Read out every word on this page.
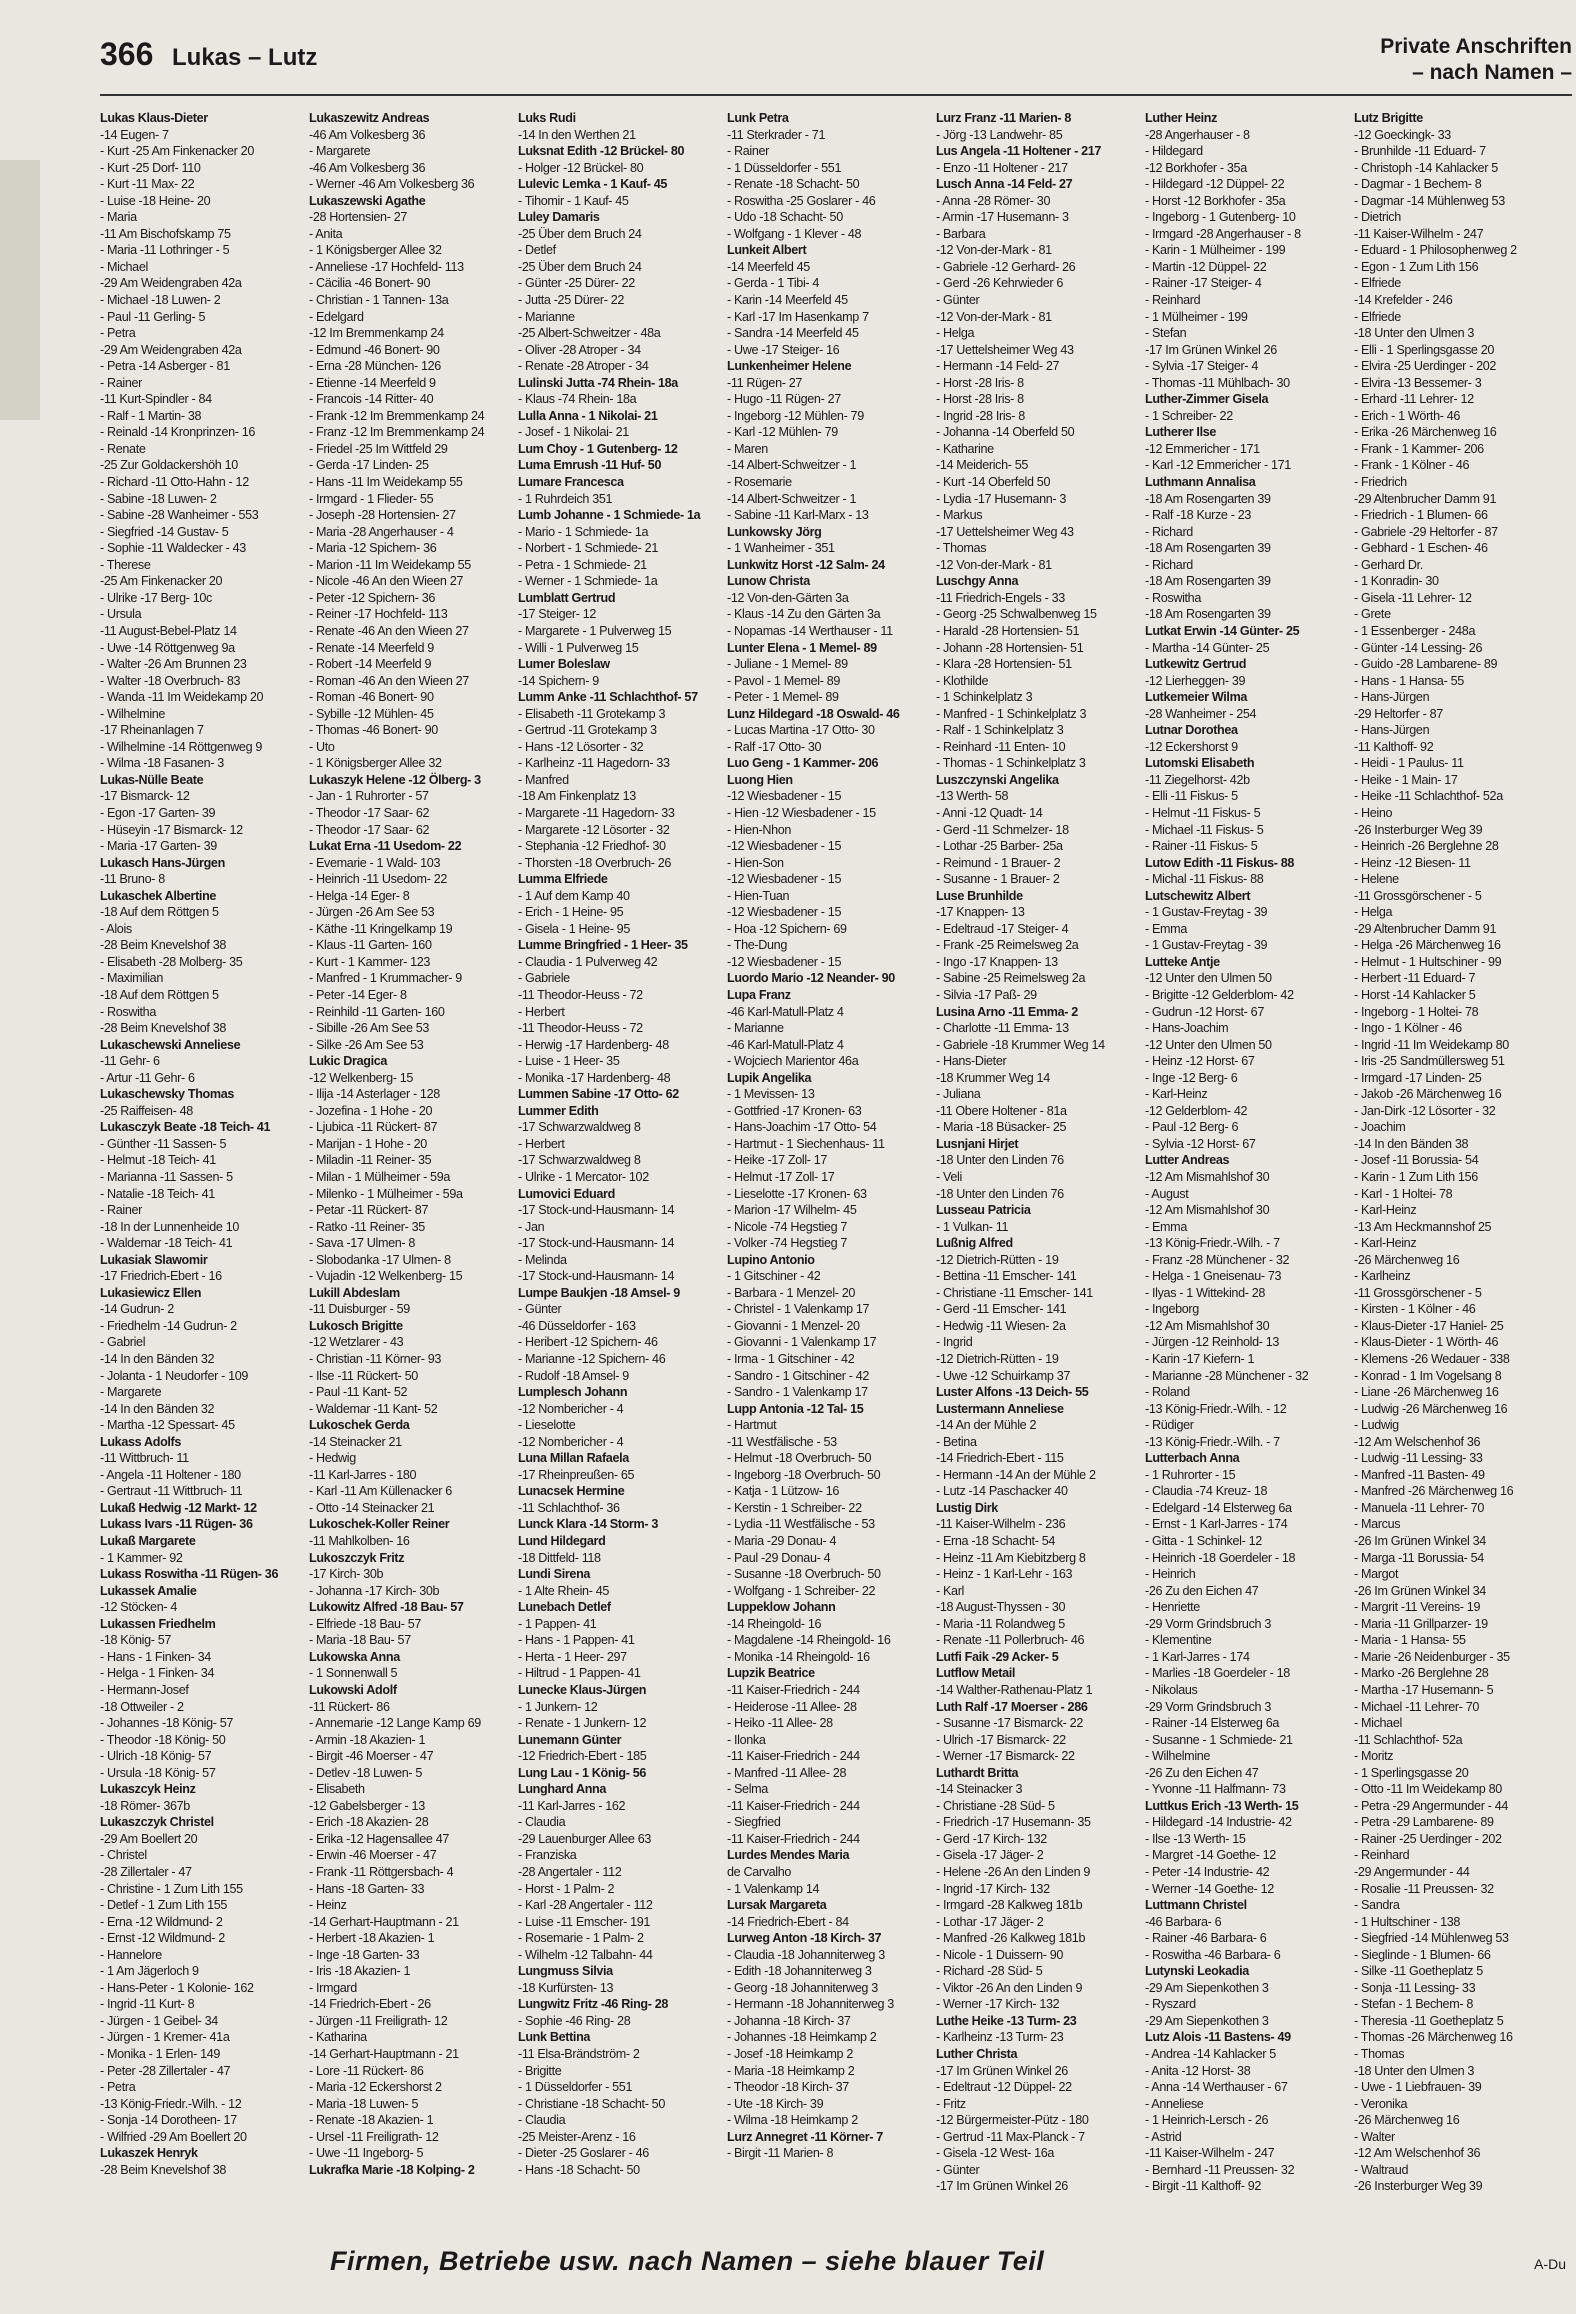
366 Lukas – Lutz	Private Anschriften
– nach Namen –
Lukas Klaus-Dieter
-14 Eugen- 7
- Kurt -25 Am Finkenacker 20
- Kurt -25 Dorf- 110
- Kurt -11 Max- 22
- Luise -18 Heine- 20
- Maria
-11 Am Bischofskamp 75
- Maria -11 Lothringer - 5
- Michael
-29 Am Weidengraben 42a
- Michael -18 Luwen- 2
- Paul -11 Gerling- 5
- Petra
-29 Am Weidengraben 42a
- Petra -14 Asberger - 81
- Rainer
-11 Kurt-Spindler - 84
- Ralf - 1 Martin- 38
- Reinald -14 Kronprinzen- 16
- Renate
-25 Zur Goldackershöh 10
- Richard -11 Otto-Hahn - 12
- Sabine -18 Luwen- 2
- Sabine -28 Wanheimer - 553
- Siegfried -14 Gustav- 5
- Sophie -11 Waldecker - 43
- Therese
-25 Am Finkenacker 20
- Ulrike -17 Berg- 10c
- Ursula
-11 August-Bebel-Platz 14
- Uwe -14 Röttgenweg 9a
- Walter -26 Am Brunnen 23
- Walter -18 Overbruch- 83
- Wanda -11 Im Weidekamp 20
- Wilhelmine
-17 Rheinanlagen 7
- Wilhelmine -14 Röttgenweg 9
- Wilma -18 Fasanen- 3
Lukas-Nülle Beate
-17 Bismarck- 12
- Egon -17 Garten- 39
- Hüseyin -17 Bismarck- 12
- Maria -17 Garten- 39
Lukasch Hans-Jürgen
-11 Bruno- 8
Lukaschek Albertine
-18 Auf dem Röttgen 5
- Alois
-28 Beim Knevelshof 38
- Elisabeth -28 Molberg- 35
- Maximilian
-18 Auf dem Röttgen 5
- Roswitha
-28 Beim Knevelshof 38
Lukaschewski Anneliese
-11 Gehr- 6
- Artur -11 Gehr- 6
Lukaschewsky Thomas
-25 Raiffeisen- 48
Lukasczyk Beate -18 Teich- 41
- Günther -11 Sassen- 5
- Helmut -18 Teich- 41
- Marianna -11 Sassen- 5
- Natalie -18 Teich- 41
- Rainer
-18 In der Lunnenheide 10
- Waldemar -18 Teich- 41
Lukasiak Slawomir
-17 Friedrich-Ebert - 16
Lukasiewicz Ellen
-14 Gudrun- 2
- Friedhelm -14 Gudrun- 2
- Gabriel
-14 In den Bänden 32
- Jolanta - 1 Neudorfer - 109
- Margarete
-14 In den Bänden 32
- Martha -12 Spessart- 45
Lukass Adolfs
-11 Wittbruch- 11
- Angela -11 Holtener - 180
- Gertraut -11 Wittbruch- 11
Lukaß Hedwig -12 Markt- 12
Lukass Ivars -11 Rügen- 36
Lukaß Margarete
- 1 Kammer- 92
Lukass Roswitha -11 Rügen- 36
Lukassek Amalie
-12 Stöcken- 4
Lukassen Friedhelm
-18 König- 57
- Hans - 1 Finken- 34
- Helga - 1 Finken- 34
- Hermann-Josef
-18 Ottweiler - 2
- Johannes -18 König- 57
- Theodor -18 König- 50
- Ulrich -18 König- 57
- Ursula -18 König- 57
Lukaszcyk Heinz
-18 Römer- 367b
Lukaszczyk Christel
-29 Am Boellert 20
- Christel
-28 Zillertaler - 47
- Christine - 1 Zum Lith 155
- Detlef - 1 Zum Lith 155
- Erna -12 Wildmund- 2
- Ernst -12 Wildmund- 2
- Hannelore
- 1 Am Jägerloch 9
- Hans-Peter - 1 Kolonie- 162
- Ingrid -11 Kurt- 8
- Jürgen - 1 Geibel- 34
- Jürgen - 1 Kremer- 41a
- Monika - 1 Erlen- 149
- Peter -28 Zillertaler - 47
- Petra
-13 König-Friedr.-Wilh. - 12
- Sonja -14 Dorotheen- 17
- Wilfried -29 Am Boellert 20
Lukaszek Henryk
-28 Beim Knevelshof 38
Lukaszewitz Andreas
-46 Am Volkesberg 36
- Margarete
-46 Am Volkesberg 36
- Werner -46 Am Volkesberg 36
Lukaszewski Agathe
-28 Hortensien- 27
- Anita
- 1 Königsberger Allee 32
- Anneliese -17 Hochfeld- 113
- Cäcilia -46 Bonert- 90
- Christian - 1 Tannen- 13a
- Edelgard
-12 Im Bremmenkamp 24
- Edmund -46 Bonert- 90
- Erna -28 München- 126
- Etienne -14 Meerfeld 9
- Francois -14 Ritter- 40
- Frank -12 Im Bremmenkamp 24
- Franz -12 Im Bremmenkamp 24
- Friedel -25 Im Wittfeld 29
- Gerda -17 Linden- 25
- Hans -11 Im Weidekamp 55
- Irmgard - 1 Flieder- 55
- Joseph -28 Hortensien- 27
- Maria -28 Angerhauser - 4
- Maria -12 Spichern- 36
- Marion -11 Im Weidekamp 55
- Nicole -46 An den Wieen 27
- Peter -12 Spichern- 36
- Reiner -17 Hochfeld- 113
- Renate -46 An den Wieen 27
- Renate -14 Meerfeld 9
- Robert -14 Meerfeld 9
- Roman -46 An den Wieen 27
- Roman -46 Bonert- 90
- Sybille -12 Mühlen- 45
- Thomas -46 Bonert- 90
- Uto
- 1 Königsberger Allee 32
Lukaszyk Helene -12 Ölberg- 3
- Jan - 1 Ruhrorter - 57
- Theodor -17 Saar- 62
- Theodor -17 Saar- 62
Lukat Erna -11 Usedom- 22
- Evemarie - 1 Wald- 103
- Heinrich -11 Usedom- 22
- Helga -14 Eger- 8
- Jürgen -26 Am See 53
- Käthe -11 Kringelkamp 19
- Klaus -11 Garten- 160
- Kurt - 1 Kammer- 123
- Manfred - 1 Krummacher- 9
- Peter -14 Eger- 8
- Reinhild -11 Garten- 160
- Sibille -26 Am See 53
- Silke -26 Am See 53
Lukic Dragica
-12 Welkenberg- 15
- Ilija -14 Asterlager - 128
- Jozefina - 1 Hohe - 20
- Ljubica -11 Rückert- 87
- Marijan - 1 Hohe - 20
- Miladin -11 Reiner- 35
- Milan - 1 Mülheimer - 59a
- Milenko - 1 Mülheimer - 59a
- Petar -11 Rückert- 87
- Ratko -11 Reiner- 35
- Sava -17 Ulmen- 8
- Slobodanka -17 Ulmen- 8
- Vujadin -12 Welkenberg- 15
Lukill Abdeslam
-11 Duisburger - 59
Lukosch Brigitte
-12 Wetzlarer - 43
- Christian -11 Körner- 93
- Ilse -11 Rückert- 50
- Paul -11 Kant- 52
- Waldemar -11 Kant- 52
Lukoschek Gerda
-14 Steinacker 21
- Hedwig
-11 Karl-Jarres - 180
- Karl -11 Am Küllenacker 6
- Otto -14 Steinacker 21
Lukoschek-Koller Reiner
-11 Mahlkolben- 16
Lukoszczyk Fritz
-17 Kirch- 30b
- Johanna -17 Kirch- 30b
Lukowitz Alfred -18 Bau- 57
- Elfriede -18 Bau- 57
- Maria -18 Bau- 57
Lukowska Anna
- 1 Sonnenwall 5
Lukowski Adolf
-11 Rückert- 86
- Annemarie -12 Lange Kamp 69
- Armin -18 Akazien- 1
- Birgit -46 Moerser - 47
- Detlev -18 Luwen- 5
- Elisabeth
-12 Gabelsberger - 13
- Erich -18 Akazien- 28
- Erika -12 Hagensallee 47
- Erwin -46 Moerser - 47
- Frank -11 Röttgersbach- 4
- Hans -18 Garten- 33
- Heinz
-14 Gerhart-Hauptmann - 21
- Herbert -18 Akazien- 1
- Inge -18 Garten- 33
- Iris -18 Akazien- 1
- Irmgard
-14 Friedrich-Ebert - 26
- Jürgen -11 Freiligrath- 12
- Katharina
-14 Gerhart-Hauptmann - 21
- Lore -11 Rückert- 86
- Maria -12 Eckershorst 2
- Maria -18 Luwen- 5
- Renate -18 Akazien- 1
- Ursel -11 Freiligrath- 12
- Uwe -11 Ingeborg- 5
Lukrafka Marie -18 Kolping- 2
Luks Rudi
-14 In den Werthen 21
Luksnat Edith -12 Brückel- 80
- Holger -12 Brückel- 80
Lulevic Lemka - 1 Kauf- 45
- Tihomir - 1 Kauf- 45
Luley Damaris
-25 Über dem Bruch 24
- Detlef
-25 Über dem Bruch 24
- Günter -25 Dürer- 22
- Jutta -25 Dürer- 22
- Marianne
-25 Albert-Schweitzer - 48a
- Oliver -28 Atroper - 34
- Renate -28 Atroper - 34
Lulinski Jutta -74 Rhein- 18a
- Klaus -74 Rhein- 18a
Lulla Anna - 1 Nikolai- 21
- Josef - 1 Nikolai- 21
Lum Choy - 1 Gutenberg- 12
Luma Emrush -11 Huf- 50
Lumare Francesca
- 1 Ruhrdeich 351
Lumb Johanne - 1 Schmiede- 1a
- Mario - 1 Schmiede- 1a
- Norbert - 1 Schmiede- 21
- Petra - 1 Schmiede- 21
- Werner - 1 Schmiede- 1a
Lumblatt Gertrud
-17 Steiger- 12
- Margarete - 1 Pulverweg 15
- Willi - 1 Pulverweg 15
Lumer Boleslaw
-14 Spichern- 9
Lumm Anke -11 Schlachthof- 57
- Elisabeth -11 Grotekamp 3
- Gertrud -11 Grotekamp 3
- Hans -12 Lösorter - 32
- Karlheinz -11 Hagedorn- 33
- Manfred
-18 Am Finkenplatz 13
- Margarete -11 Hagedorn- 33
- Margarete -12 Lösorter - 32
- Stephania -12 Friedhof- 30
- Thorsten -18 Overbruch- 26
Lumma Elfriede
- 1 Auf dem Kamp 40
- Erich - 1 Heine- 95
- Gisela - 1 Heine- 95
Lumme Bringfried - 1 Heer- 35
- Claudia - 1 Pulverweg 42
- Gabriele
-11 Theodor-Heuss - 72
- Herbert
-11 Theodor-Heuss - 72
- Herwig -17 Hardenberg- 48
- Luise - 1 Heer- 35
- Monika -17 Hardenberg- 48
Lummen Sabine -17 Otto- 62
Lummer Edith
-17 Schwarzwaldweg 8
- Herbert
-17 Schwarzwaldweg 8
- Ulrike - 1 Mercator- 102
Lumovici Eduard
-17 Stock-und-Hausmann- 14
- Jan
-17 Stock-und-Hausmann- 14
- Melinda
-17 Stock-und-Hausmann- 14
Lumpe Baukjen -18 Amsel- 9
- Günter
-46 Düsseldorfer - 163
- Heribert -12 Spichern- 46
- Marianne -12 Spichern- 46
- Rudolf -18 Amsel- 9
Lumplesch Johann
-12 Nombericher - 4
- Lieselotte
-12 Nombericher - 4
Luna Millan Rafaela
-17 Rheinpreußen- 65
Lunacsek Hermine
-11 Schlachthof- 36
Lunck Klara -14 Storm- 3
Lund Hildegard
-18 Dittfeld- 118
Lundi Sirena
- 1 Alte Rhein- 45
Lunebach Detlef
- 1 Pappen- 41
- Hans - 1 Pappen- 41
- Herta - 1 Heer- 297
- Hiltrud - 1 Pappen- 41
Lunecke Klaus-Jürgen
- 1 Junkern- 12
- Renate - 1 Junkern- 12
Lunemann Günter
-12 Friedrich-Ebert - 185
Lung Lau - 1 König- 56
Lunghard Anna
-11 Karl-Jarres - 162
- Claudia
-29 Lauenburger Allee 63
- Franziska
-28 Angertaler - 112
- Horst - 1 Palm- 2
- Karl -28 Angertaler - 112
- Luise -11 Emscher- 191
- Rosemarie - 1 Palm- 2
- Wilhelm -12 Talbahn- 44
Lungmuss Silvia
-18 Kurfürsten- 13
Lungwitz Fritz -46 Ring- 28
- Sophie -46 Ring- 28
Lunk Bettina
-11 Elsa-Brändström- 2
- Brigitte
- 1 Düsseldorfer - 551
- Christiane -18 Schacht- 50
- Claudia
-25 Meister-Arenz - 16
- Dieter -25 Goslarer - 46
- Hans -18 Schacht- 50
Lunk Petra
-11 Sterkrader - 71
- Rainer
- 1 Düsseldorfer - 551
- Renate -18 Schacht- 50
- Roswitha -25 Goslarer - 46
- Udo -18 Schacht- 50
- Wolfgang - 1 Klever - 48
Lunkeit Albert
-14 Meerfeld 45
- Gerda - 1 Tibi- 4
- Karin -14 Meerfeld 45
- Karl -17 Im Hasenkamp 7
- Sandra -14 Meerfeld 45
- Uwe -17 Steiger- 16
Lunkenheimer Helene
-11 Rügen- 27
- Hugo -11 Rügen- 27
- Ingeborg -12 Mühlen- 79
- Karl -12 Mühlen- 79
- Maren
-14 Albert-Schweitzer - 1
- Rosemarie
-14 Albert-Schweitzer - 1
- Sabine -11 Karl-Marx - 13
Lunkowsky Jörg
- 1 Wanheimer - 351
Lunkwitz Horst -12 Salm- 24
Lunow Christa
-12 Von-den-Gärten 3a
- Klaus -14 Zu den Gärten 3a
- Nopamas -14 Werthauser - 11
Lunter Elena - 1 Memel- 89
- Juliane - 1 Memel- 89
- Pavol - 1 Memel- 89
- Peter - 1 Memel- 89
Lunz Hildegard -18 Oswald- 46
- Lucas Martina -17 Otto- 30
- Ralf -17 Otto- 30
Luo Geng - 1 Kammer- 206
Luong Hien
-12 Wiesbadener - 15
- Hien -12 Wiesbadener - 15
- Hien-Nhon
-12 Wiesbadener - 15
- Hien-Son
-12 Wiesbadener - 15
- Hien-Tuan
-12 Wiesbadener - 15
- Hoa -12 Spichern- 69
- The-Dung
-12 Wiesbadener - 15
Luordo Mario -12 Neander- 90
Lupa Franz
-46 Karl-Matull-Platz 4
- Marianne
-46 Karl-Matull-Platz 4
- Wojciech Marientor 46a
Lupik Angelika
- 1 Mevissen- 13
- Gottfried -17 Kronen- 63
- Hans-Joachim -17 Otto- 54
- Hartmut - 1 Siechenhaus- 11
- Heike -17 Zoll- 17
- Helmut -17 Zoll- 17
- Lieselotte -17 Kronen- 63
- Marion -17 Wilhelm- 45
- Nicole -74 Hegstieg 7
- Volker -74 Hegstieg 7
Lupino Antonio
- 1 Gitschiner - 42
- Barbara - 1 Menzel- 20
- Christel - 1 Valenkamp 17
- Giovanni - 1 Menzel- 20
- Giovanni - 1 Valenkamp 17
- Irma - 1 Gitschiner - 42
- Sandro - 1 Gitschiner - 42
- Sandro - 1 Valenkamp 17
Lupp Antonia -12 Tal- 15
- Hartmut
-11 Westfälische - 53
- Helmut -18 Overbruch- 50
- Ingeborg -18 Overbruch- 50
- Katja - 1 Lützow- 16
- Kerstin - 1 Schreiber- 22
- Lydia -11 Westfälische - 53
- Maria -29 Donau- 4
- Paul -29 Donau- 4
- Susanne -18 Overbruch- 50
- Wolfgang - 1 Schreiber- 22
Luppeklow Johann
-14 Rheingold- 16
- Magdalene -14 Rheingold- 16
- Monika -14 Rheingold- 16
Lupzik Beatrice
-11 Kaiser-Friedrich - 244
- Heiderose -11 Allee- 28
- Heiko -11 Allee- 28
- Ilonka
-11 Kaiser-Friedrich - 244
- Manfred -11 Allee- 28
- Selma
-11 Kaiser-Friedrich - 244
- Siegfried
-11 Kaiser-Friedrich - 244
Lurdes Mendes Maria
de Carvalho
- 1 Valenkamp 14
Lursak Margareta
-14 Friedrich-Ebert - 84
Lurweg Anton -18 Kirch- 37
- Claudia -18 Johanniterweg 3
- Edith -18 Johanniterweg 3
- Georg -18 Johanniterweg 3
- Hermann -18 Johanniterweg 3
- Johanna -18 Kirch- 37
- Johannes -18 Heimkamp 2
- Josef -18 Heimkamp 2
- Maria -18 Heimkamp 2
- Theodor -18 Kirch- 37
- Ute -18 Kirch- 39
- Wilma -18 Heimkamp 2
Lurz Annegret -11 Körner- 7
- Birgit -11 Marien- 8
Lurz Franz -11 Marien- 8
- Jörg -13 Landwehr- 85
Lus Angela -11 Holtener - 217
- Enzo -11 Holtener - 217
Lusch Anna -14 Feld- 27
- Anna -28 Römer- 30
- Armin -17 Husemann- 3
- Barbara
-12 Von-der-Mark - 81
- Gabriele -12 Gerhard- 26
- Gerd -26 Kehrwieder 6
- Günter
-12 Von-der-Mark - 81
- Helga
-17 Uettelsheimer Weg 43
- Hermann -14 Feld- 27
- Horst -28 Iris- 8
- Horst -28 Iris- 8
- Ingrid -28 Iris- 8
- Johanna -14 Oberfeld 50
- Katharine
-14 Meiderich- 55
- Kurt -14 Oberfeld 50
- Lydia -17 Husemann- 3
- Markus
-17 Uettelsheimer Weg 43
- Thomas
-12 Von-der-Mark - 81
Luschgy Anna
-11 Friedrich-Engels - 33
- Georg -25 Schwalbenweg 15
- Harald -28 Hortensien- 51
- Johann -28 Hortensien- 51
- Klara -28 Hortensien- 51
- Klothilde
- 1 Schinkelplatz 3
- Manfred - 1 Schinkelplatz 3
- Ralf - 1 Schinkelplatz 3
- Reinhard -11 Enten- 10
- Thomas - 1 Schinkelplatz 3
Luszczynski Angelika
-13 Werth- 58
- Anni -12 Quadt- 14
- Gerd -11 Schmelzer- 18
- Lothar -25 Barber- 25a
- Reimund - 1 Brauer- 2
- Susanne - 1 Brauer- 2
Luse Brunhilde
-17 Knappen- 13
- Edeltraud -17 Steiger- 4
- Frank -25 Reimelsweg 2a
- Ingo -17 Knappen- 13
- Sabine -25 Reimelsweg 2a
- Silvia -17 Paß- 29
Lusina Arno -11 Emma- 2
- Charlotte -11 Emma- 13
- Gabriele -18 Krummer Weg 14
- Hans-Dieter
-18 Krummer Weg 14
- Juliana
-11 Obere Holtener - 81a
- Maria -18 Büsacker- 25
Lusnjani Hirjet
-18 Unter den Linden 76
- Veli
-18 Unter den Linden 76
Lusseau Patricia
- 1 Vulkan- 11
Lußnig Alfred
-12 Dietrich-Rütten - 19
- Bettina -11 Emscher- 141
- Christiane -11 Emscher- 141
- Gerd -11 Emscher- 141
- Hedwig -11 Wiesen- 2a
- Ingrid
-12 Dietrich-Rütten - 19
- Uwe -12 Schuirkamp 37
Luster Alfons -13 Deich- 55
Lustermann Anneliese
-14 An der Mühle 2
- Betina
-14 Friedrich-Ebert - 115
- Hermann -14 An der Mühle 2
- Lutz -14 Paschacker 40
Lustig Dirk
-11 Kaiser-Wilhelm - 236
- Erna -18 Schacht- 54
- Heinz -11 Am Kiebitzberg 8
- Heinz - 1 Karl-Lehr - 163
- Karl
-18 August-Thyssen - 30
- Maria -11 Rolandweg 5
- Renate -11 Pollerbruch- 46
Lutfi Faik -29 Acker- 5
Lutflow Metail
-14 Walther-Rathenau-Platz 1
Luth Ralf -17 Moerser - 286
- Susanne -17 Bismarck- 22
- Ulrich -17 Bismarck- 22
- Werner -17 Bismarck- 22
Luthardt Britta
-14 Steinacker 3
- Christiane -28 Süd- 5
- Friedrich -17 Husemann- 35
- Gerd -17 Kirch- 132
- Gisela -17 Jäger- 2
- Helene -26 An den Linden 9
- Ingrid -17 Kirch- 132
- Irmgard -28 Kalkweg 181b
- Lothar -17 Jäger- 2
- Manfred -26 Kalkweg 181b
- Nicole - 1 Duissern- 90
- Richard -28 Süd- 5
- Viktor -26 An den Linden 9
- Werner -17 Kirch- 132
Luthe Heike -13 Turm- 23
- Karlheinz -13 Turm- 23
Luther Christa
-17 Im Grünen Winkel 26
- Edeltraut -12 Düppel- 22
- Fritz
-12 Bürgermeister-Pütz - 180
- Gertrud -11 Max-Planck - 7
- Gisela -12 West- 16a
- Günter
-17 Im Grünen Winkel 26
Luther Heinz
-28 Angerhauser - 8
- Hildegard
-12 Borkhofer - 35a
- Hildegard -12 Düppel- 22
- Horst -12 Borkhofer - 35a
- Ingeborg - 1 Gutenberg- 10
- Irmgard -28 Angerhauser - 8
- Karin - 1 Mülheimer - 199
- Martin -12 Düppel- 22
- Rainer -17 Steiger- 4
- Reinhard
- 1 Mülheimer - 199
- Stefan
-17 Im Grünen Winkel 26
- Sylvia -17 Steiger- 4
- Thomas -11 Mühlbach- 30
Luther-Zimmer Gisela
- 1 Schreiber- 22
Lutherer Ilse
-12 Emmericher - 171
- Karl -12 Emmericher - 171
Luthmann Annalisa
-18 Am Rosengarten 39
- Ralf -18 Kurze - 23
- Richard
-18 Am Rosengarten 39
- Richard
-18 Am Rosengarten 39
- Roswitha
-18 Am Rosengarten 39
Lutkat Erwin -14 Günter- 25
- Martha -14 Günter- 25
Lutkewitz Gertrud
-12 Lierheggen- 39
Lutkemeier Wilma
-28 Wanheimer - 254
Lutnar Dorothea
-12 Eckershorst 9
Lutomski Elisabeth
-11 Ziegelhorst- 42b
- Elli -11 Fiskus- 5
- Helmut -11 Fiskus- 5
- Michael -11 Fiskus- 5
- Rainer -11 Fiskus- 5
Lutow Edith -11 Fiskus- 88
- Michal -11 Fiskus- 88
Lutschewitz Albert
- 1 Gustav-Freytag - 39
- Emma
- 1 Gustav-Freytag - 39
Lutteke Antje
-12 Unter den Ulmen 50
- Brigitte -12 Gelderblom- 42
- Gudrun -12 Horst- 67
- Hans-Joachim
-12 Unter den Ulmen 50
- Heinz -12 Horst- 67
- Inge -12 Berg- 6
- Karl-Heinz
-12 Gelderblom- 42
- Paul -12 Berg- 6
- Sylvia -12 Horst- 67
Lutter Andreas
-12 Am Mismahlshof 30
- August
-12 Am Mismahlshof 30
- Emma
-13 König-Friedr.-Wilh. - 7
- Franz -28 Münchener - 32
- Helga - 1 Gneisenau- 73
- Ilyas - 1 Wittekind- 28
- Ingeborg
-12 Am Mismahlshof 30
- Jürgen -12 Reinhold- 13
- Karin -17 Kiefern- 1
- Marianne -28 Münchener - 32
- Roland
-13 König-Friedr.-Wilh. - 12
- Rüdiger
-13 König-Friedr.-Wilh. - 7
Lutterbach Anna
- 1 Ruhrorter - 15
- Claudia -74 Kreuz- 18
- Edelgard -14 Elsterweg 6a
- Ernst - 1 Karl-Jarres - 174
- Gitta - 1 Schinkel- 12
- Heinrich -18 Goerdeler - 18
- Heinrich
-26 Zu den Eichen 47
- Henriette
-29 Vorm Grindsbruch 3
- Klementine
- 1 Karl-Jarres - 174
- Marlies -18 Goerdeler - 18
- Nikolaus
-29 Vorm Grindsbruch 3
- Rainer -14 Elsterweg 6a
- Susanne - 1 Schmiede- 21
- Wilhelmine
-26 Zu den Eichen 47
- Yvonne -11 Halfmann- 73
Luttkus Erich -13 Werth- 15
- Hildegard -14 Industrie- 42
- Ilse -13 Werth- 15
- Margret -14 Goethe- 12
- Peter -14 Industrie- 42
- Werner -14 Goethe- 12
Luttmann Christel
-46 Barbara- 6
- Rainer -46 Barbara- 6
- Roswitha -46 Barbara- 6
Lutynski Leokadia
-29 Am Siepenkothen 3
- Ryszard
-29 Am Siepenkothen 3
Lutz Alois -11 Bastens- 49
- Andrea -14 Kahlacker 5
- Anita -12 Horst- 38
- Anna -14 Werthauser - 67
- Anneliese
- 1 Heinrich-Lersch - 26
- Astrid
-11 Kaiser-Wilhelm - 247
- Bernhard -11 Preussen- 32
- Birgit -11 Kalthoff- 92
Lutz Brigitte
-12 Goeckingk- 33
- Brunhilde -11 Eduard- 7
- Christoph -14 Kahlacker 5
- Dagmar - 1 Bechem- 8
- Dagmar -14 Mühlenweg 53
- Dietrich
-11 Kaiser-Wilhelm - 247
- Eduard - 1 Philosophenweg 2
- Egon - 1 Zum Lith 156
- Elfriede
-14 Krefelder - 246
- Elfriede
-18 Unter den Ulmen 3
- Elli - 1 Sperlingsgasse 20
- Elvira -25 Uerdinger - 202
- Elvira -13 Bessemer- 3
- Erhard -11 Lehrer- 12
- Erich - 1 Wörth- 46
- Erika -26 Märchenweg 16
- Frank - 1 Kammer- 206
- Frank - 1 Kölner - 46
- Friedrich
-29 Altenbrucher Damm 91
- Friedrich - 1 Blumen- 66
- Gabriele -29 Heltorfer - 87
- Gebhard - 1 Eschen- 46
- Gerhard Dr.
- 1 Konradin- 30
- Gisela -11 Lehrer- 12
- Grete
- 1 Essenberger - 248a
- Günter -14 Lessing- 26
- Guido -28 Lambarene- 89
- Hans - 1 Hansa- 55
- Hans-Jürgen
-29 Heltorfer - 87
- Hans-Jürgen
-11 Kalthoff- 92
- Heidi - 1 Paulus- 11
- Heike - 1 Main- 17
- Heike -11 Schlachthof- 52a
- Heino
-26 Insterburger Weg 39
- Heinrich -26 Berglehne 28
- Heinz -12 Biesen- 11
- Helene
-11 Grossgörschener - 5
- Helga
-29 Altenbrucher Damm 91
- Helga -26 Märchenweg 16
- Helmut - 1 Hultschiner - 99
- Herbert -11 Eduard- 7
- Horst -14 Kahlacker 5
- Ingeborg - 1 Holtei- 78
- Ingo - 1 Kölner - 46
- Ingrid -11 Im Weidekamp 80
- Iris -25 Sandmüllersweg 51
- Irmgard -17 Linden- 25
- Jakob -26 Märchenweg 16
- Jan-Dirk -12 Lösorter - 32
- Joachim
-14 In den Bänden 38
- Josef -11 Borussia- 54
- Karin - 1 Zum Lith 156
- Karl - 1 Holtei- 78
- Karl-Heinz
-13 Am Heckmannshof 25
- Karl-Heinz
-26 Märchenweg 16
- Karlheinz
-11 Grossgörschener - 5
- Kirsten - 1 Kölner - 46
- Klaus-Dieter -17 Haniel- 25
- Klaus-Dieter - 1 Wörth- 46
- Klemens -26 Wedauer - 338
- Konrad - 1 Im Vogelsang 8
- Liane -26 Märchenweg 16
- Ludwig -26 Märchenweg 16
- Ludwig
-12 Am Welschenhof 36
- Ludwig -11 Lessing- 33
- Manfred -11 Basten- 49
- Manfred -26 Märchenweg 16
- Manuela -11 Lehrer- 70
- Marcus
-26 Im Grünen Winkel 34
- Marga -11 Borussia- 54
- Margot
-26 Im Grünen Winkel 34
- Margrit -11 Vereins- 19
- Maria -11 Grillparzer- 19
- Maria - 1 Hansa- 55
- Marie -26 Neidenburger - 35
- Marko -26 Berglehne 28
- Martha -17 Husemann- 5
- Michael -11 Lehrer- 70
- Michael
-11 Schlachthof- 52a
- Moritz
- 1 Sperlingsgasse 20
- Otto -11 Im Weidekamp 80
- Petra -29 Angermunder - 44
- Petra -29 Lambarene- 89
- Rainer -25 Uerdinger - 202
- Reinhard
-29 Angermunder - 44
- Rosalie -11 Preussen- 32
- Sandra
- 1 Hultschiner - 138
- Siegfried -14 Mühlenweg 53
- Sieglinde - 1 Blumen- 66
- Silke -11 Goetheplatz 5
- Sonja -11 Lessing- 33
- Stefan - 1 Bechem- 8
- Theresia -11 Goetheplatz 5
- Thomas -26 Märchenweg 16
- Thomas
-18 Unter den Ulmen 3
- Uwe - 1 Liebfrauen- 39
- Veronika
-26 Märchenweg 16
- Walter
-12 Am Welschenhof 36
- Waltraud
-26 Insterburger Weg 39
Firmen, Betriebe usw. nach Namen – siehe blauer Teil	A-Du
